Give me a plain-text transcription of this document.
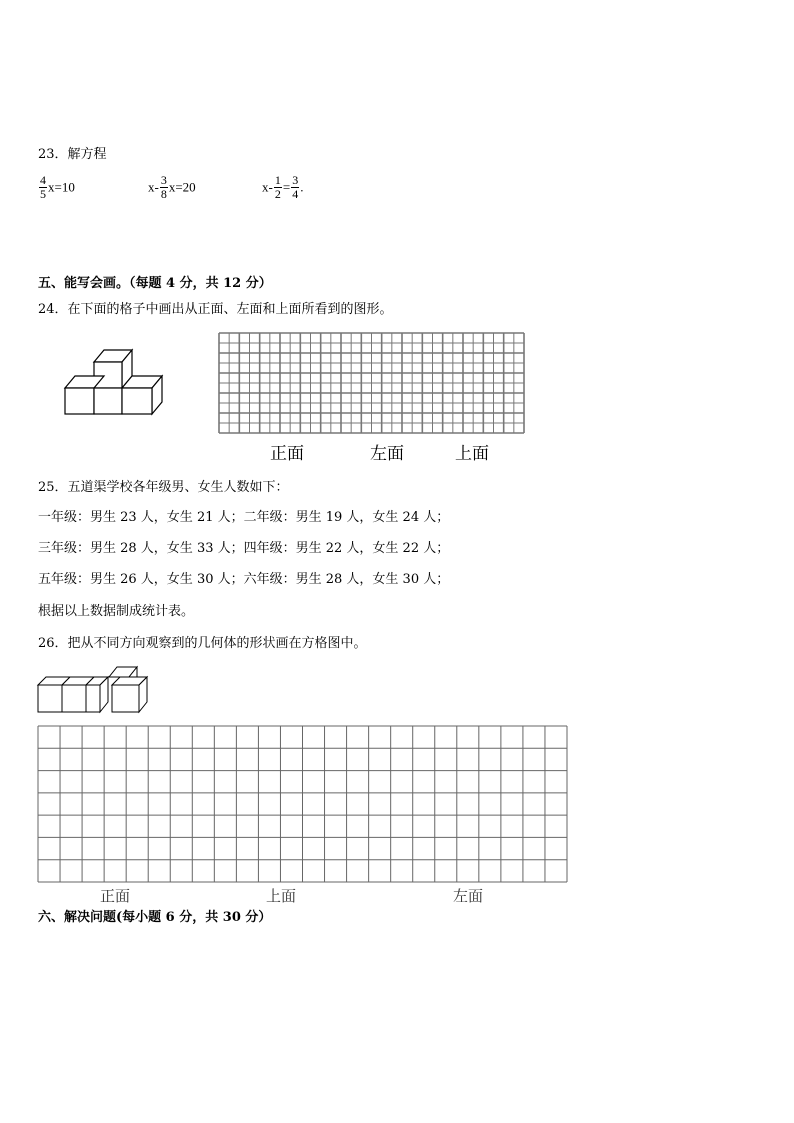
23．解方程
$\frac{4}{5} x=10$	$x- \frac{3}{8} x=20$	$x- \frac{1}{2} = \frac{3}{4}$ .
五、能写会画。（每题 4 分，共 12 分）
24．在下面的格子中画出从正面、左面和上面所看到的图形。
正面	左面	上面
25．五道渠学校各年级男、女生人数如下：
一年级：男生 23 人，女生 21 人；二年级：男生 19 人，女生 24 人；
三年级：男生 28 人，女生 33 人；四年级：男生 22 人，女生 22 人；
五年级：男生 26 人，女生 30 人；六年级：男生 28 人，女生 30 人；
根据以上数据制成统计表。
26．把从不同方向观察到的几何体的形状画在方格图中。
正面	上面	左面
六、解决问题(每小题 6 分，共 30 分）
